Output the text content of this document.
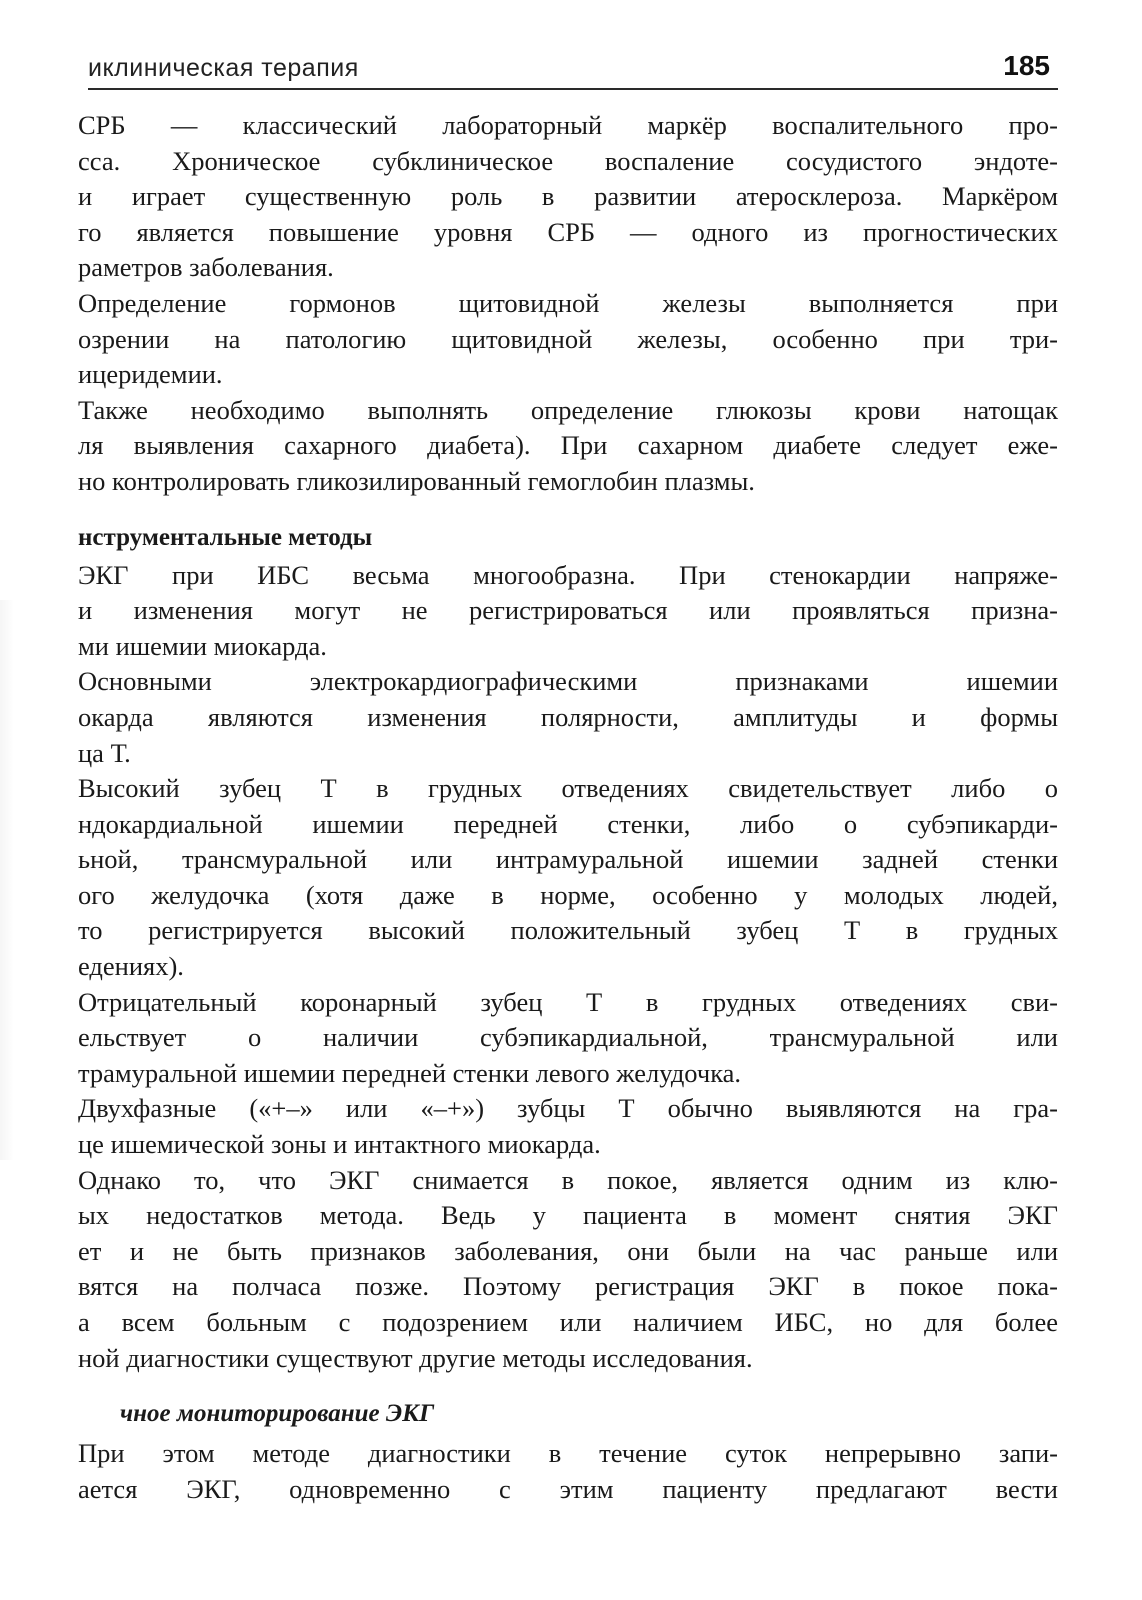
иклиническая терапия	185

СРБ — классический лабораторный маркёр воспалительного про-
сса. Хроническое субклиническое воспаление сосудистого эндоте-
и играет существенную роль в развитии атеросклероза. Маркёром
го является повышение уровня СРБ — одного из прогностических
раметров заболевания.

Определение гормонов щитовидной железы выполняется при
озрении на патологию щитовидной железы, особенно при три-
ицеридемии.

Также необходимо выполнять определение глюкозы крови натощак
ля выявления сахарного диабета). При сахарном диабете следует еже-
но контролировать гликозилированный гемоглобин плазмы.

нструментальные методы

ЭКГ при ИБС весьма многообразна. При стенокардии напряже-
и изменения могут не регистрироваться или проявляться призна-
ми ишемии миокарда.

Основными электрокардиографическими признаками ишемии
окарда являются изменения полярности, амплитуды и формы
ца Т.

Высокий зубец Т в грудных отведениях свидетельствует либо о
ндокардиальной ишемии передней стенки, либо о субэпикарди-
ьной, трансмуральной или интрамуральной ишемии задней стенки
ого желудочка (хотя даже в норме, особенно у молодых людей,
то регистрируется высокий положительный зубец Т в грудных
едениях).

Отрицательный коронарный зубец Т в грудных отведениях сви-
ельствует о наличии субэпикардиальной, трансмуральной или
трамуральной ишемии передней стенки левого желудочка.

Двухфазные («+–» или «–+») зубцы Т обычно выявляются на гра-
це ишемической зоны и интактного миокарда.

Однако то, что ЭКГ снимается в покое, является одним из клю-
ых недостатков метода. Ведь у пациента в момент снятия ЭКГ
ет и не быть признаков заболевания, они были на час раньше или
вятся на полчаса позже. Поэтому регистрация ЭКГ в покое пока-
а всем больным с подозрением или наличием ИБС, но для более
ной диагностики существуют другие методы исследования.

чное мониторирование ЭКГ

При этом методе диагностики в течение суток непрерывно запи-
ается ЭКГ, одновременно с этим пациенту предлагают вести
